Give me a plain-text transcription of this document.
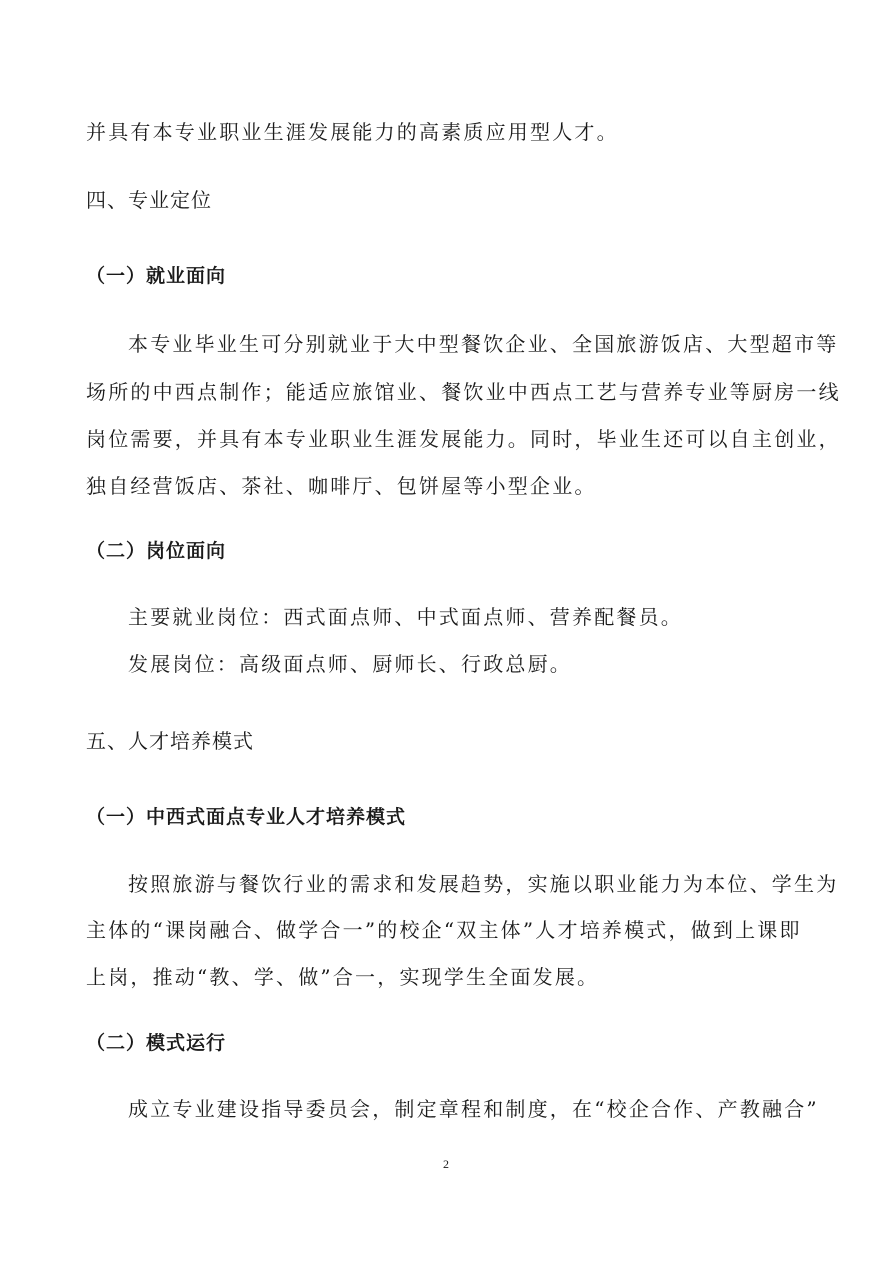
并具有本专业职业生涯发展能力的高素质应用型人才。
四、专业定位
（一）就业面向
本专业毕业生可分别就业于大中型餐饮企业、全国旅游饭店、大型超市等
场所的中西点制作；能适应旅馆业、餐饮业中西点工艺与营养专业等厨房一线
岗位需要，并具有本专业职业生涯发展能力。同时，毕业生还可以自主创业，
独自经营饭店、茶社、咖啡厅、包饼屋等小型企业。
（二）岗位面向
主要就业岗位：西式面点师、中式面点师、营养配餐员。
发展岗位：高级面点师、厨师长、行政总厨。
五、人才培养模式
（一）中西式面点专业人才培养模式
按照旅游与餐饮行业的需求和发展趋势，实施以职业能力为本位、学生为
主体的“课岗融合、做学合一”的校企“双主体”人才培养模式，做到上课即
上岗，推动“教、学、做”合一，实现学生全面发展。
（二）模式运行
成立专业建设指导委员会，制定章程和制度，在“校企合作、产教融合”
2
